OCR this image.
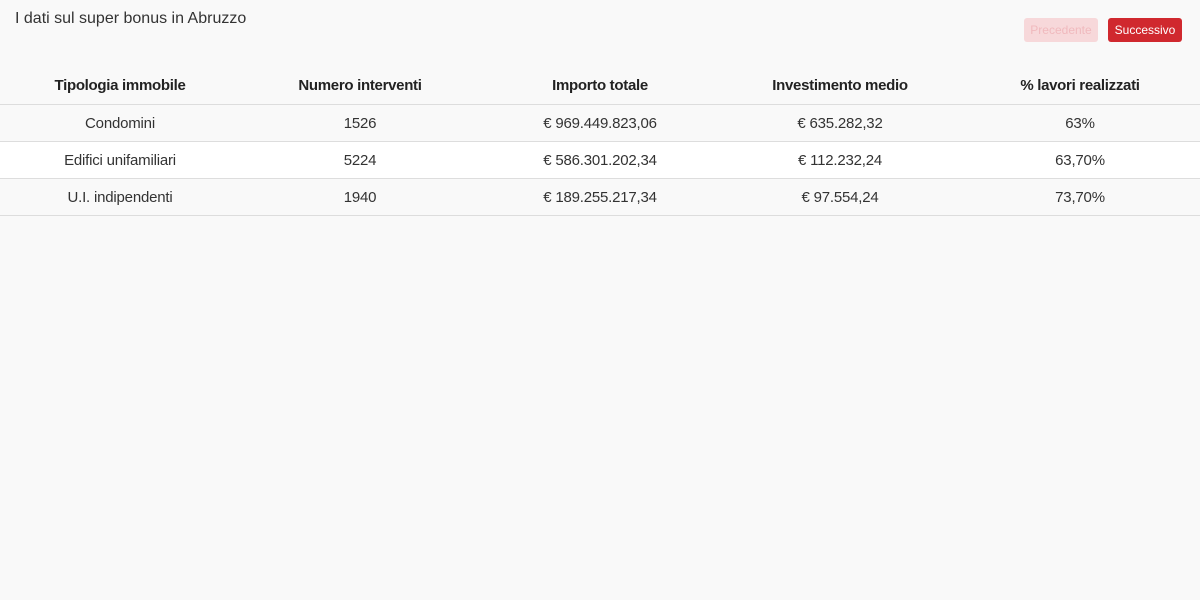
I dati sul super bonus in Abruzzo
Precedente	Successivo
Tipologia immobile	Numero interventi	Importo totale	Investimento medio	% lavori realizzati
Condomini	1526	€ 969.449.823,06	€ 635.282,32	63%
Edifici unifamiliari	5224	€ 586.301.202,34	€ 112.232,24	63,70%
U.I. indipendenti	1940	€ 189.255.217,34	€ 97.554,24	73,70%
